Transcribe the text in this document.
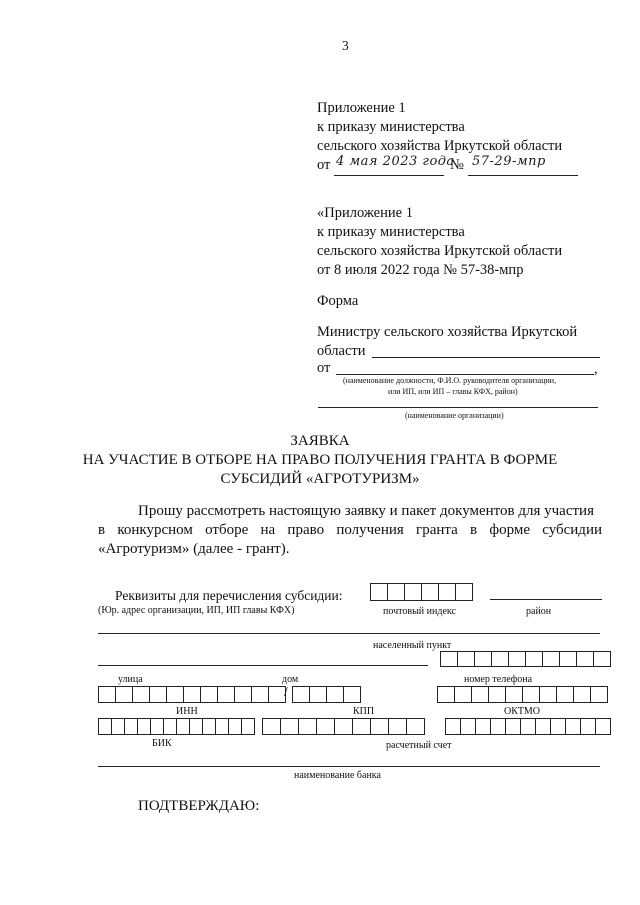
3
Приложение 1
к приказу министерства
сельского хозяйства Иркутской области
от 4 мая 2023 года
№ 57-29-мпр
«Приложение 1
к приказу министерства
сельского хозяйства Иркутской области
от 8 июля 2022 года № 57-38-мпр
Форма
Министру сельского хозяйства Иркутской
области
от	,
(наименование должности, Ф.И.О. руководителя организации,
или ИП, или ИП – главы КФХ, район)
(наименование организации)
ЗАЯВКА
НА УЧАСТИЕ В ОТБОРЕ НА ПРАВО ПОЛУЧЕНИЯ ГРАНТА В ФОРМЕ
СУБСИДИЙ «АГРОТУРИЗМ»
Прошу рассмотреть настоящую заявку и пакет документов для участия
в конкурсном отборе на право получения гранта в форме субсидии
«Агротуризм» (далее - грант).
Реквизиты для перечисления субсидии:
(Юр. адрес организации, ИП, ИП главы КФХ)	почтовый индекс	район
населенный пункт
улица	дом	номер телефона
/
ИНН	КПП	ОКТМО
БИК	расчетный счет
наименование банка
ПОДТВЕРЖДАЮ:
